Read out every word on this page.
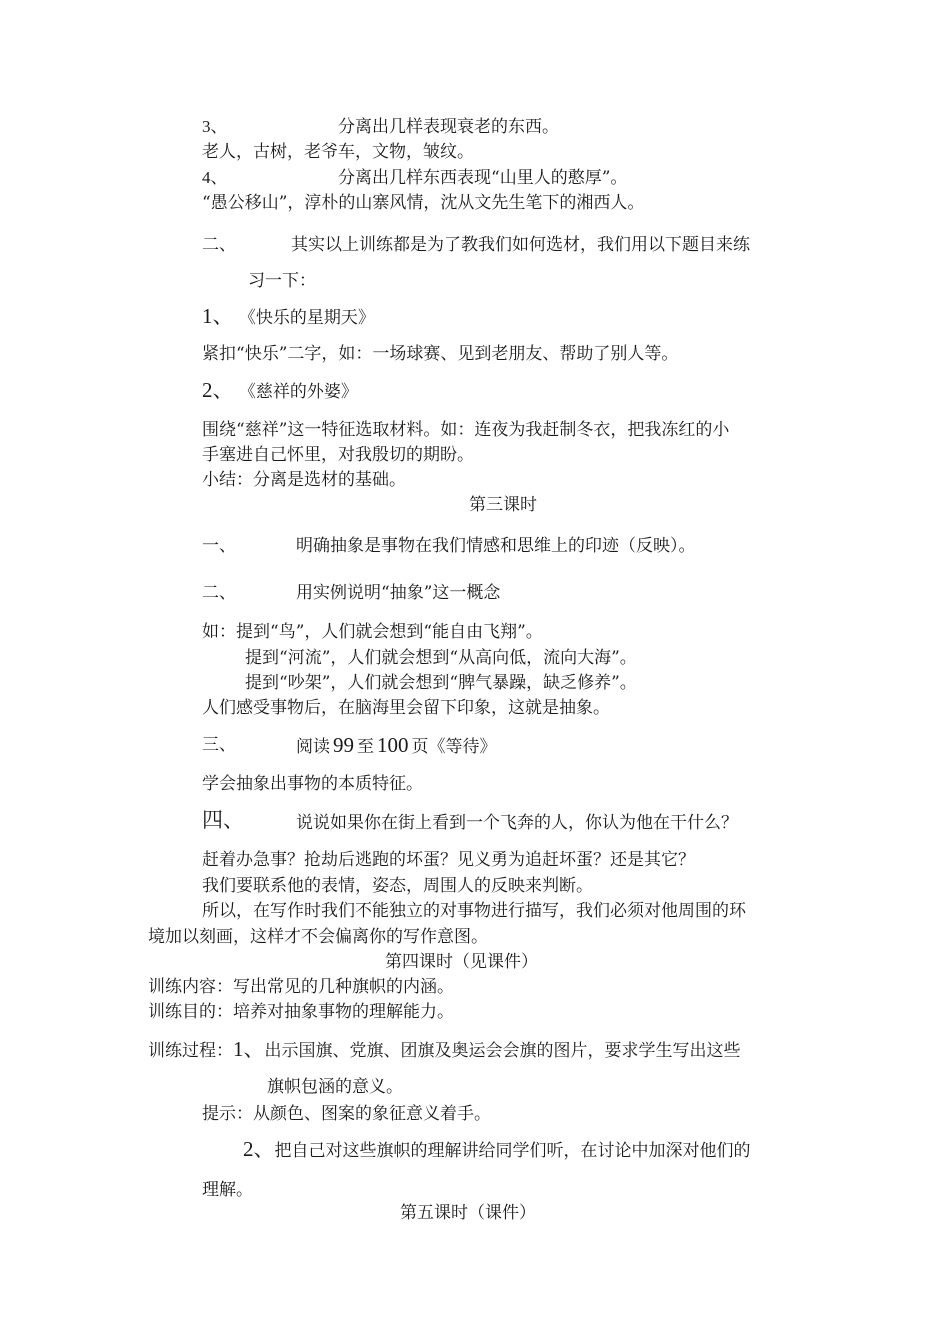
3、	分离出几样表现衰老的东西。
老人，古树，老爷车，文物，皱纹。
4、	分离出几样东西表现“山里人的憨厚”。
“愚公移山”，淳朴的山寨风情，沈从文先生笔下的湘西人。
二、	其实以上训练都是为了教我们如何选材，我们用以下题目来练
习一下：
1、 《快乐的星期天》
紧扣“快乐”二字，如：一场球赛、见到老朋友、帮助了别人等。
2、 《慈祥的外婆》
围绕“慈祥”这一特征选取材料。如：连夜为我赶制冬衣，把我冻红的小
手塞进自己怀里，对我殷切的期盼。
小结：分离是选材的基础。
第三课时
一、	明确抽象是事物在我们情感和思维上的印迹（反映）。
二、	用实例说明“抽象”这一概念
如：提到“鸟”，人们就会想到“能自由飞翔”。
提到“河流”，人们就会想到“从高向低，流向大海”。
提到“吵架”，人们就会想到“脾气暴躁，缺乏修养”。
人们感受事物后，在脑海里会留下印象，这就是抽象。
三、	阅读 99 至 100 页《等待》
学会抽象出事物的本质特征。
四、	说说如果你在街上看到一个飞奔的人，你认为他在干什么？
赶着办急事？抢劫后逃跑的坏蛋？见义勇为追赶坏蛋？还是其它？
我们要联系他的表情，姿态，周围人的反映来判断。
所以，在写作时我们不能独立的对事物进行描写，我们必须对他周围的环
境加以刻画，这样才不会偏离你的写作意图。
第四课时（见课件）
训练内容：写出常见的几种旗帜的内涵。
训练目的：培养对抽象事物的理解能力。
训练过程：1、出示国旗、党旗、团旗及奥运会会旗的图片，要求学生写出这些
旗帜包涵的意义。
提示：从颜色、图案的象征意义着手。
2、把自己对这些旗帜的理解讲给同学们听，在讨论中加深对他们的
理解。
第五课时（课件）
